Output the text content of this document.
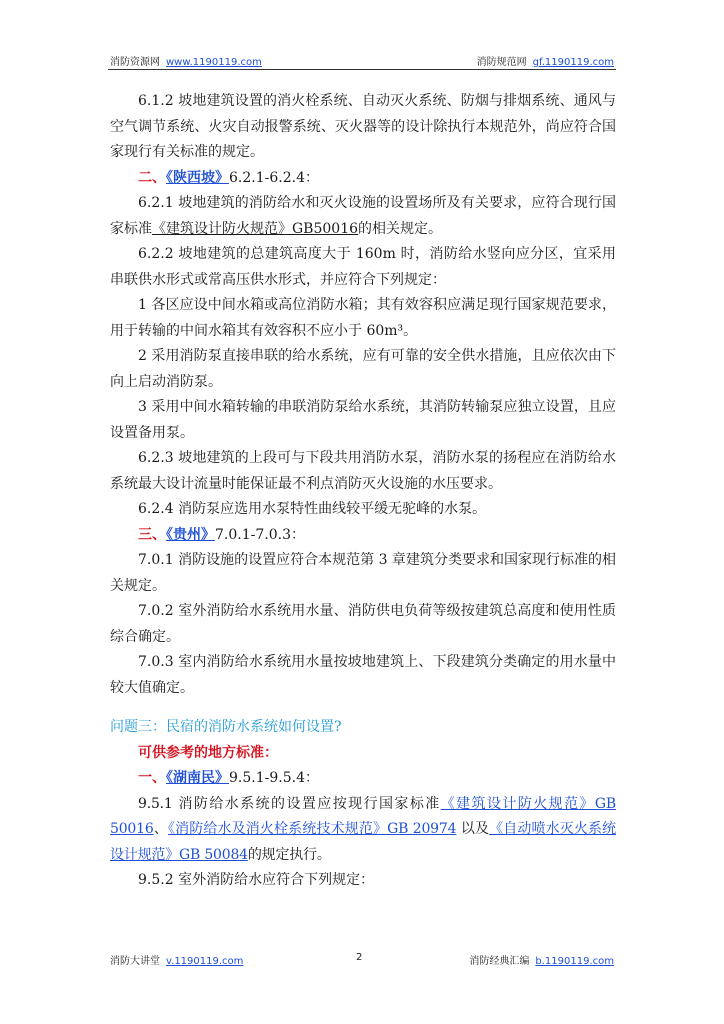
消防资源网 www.1190119.com	消防规范网 gf.1190119.com

6.1.2 坡地建筑设置的消火栓系统、自动灭火系统、防烟与排烟系统、通风与空气调节系统、火灾自动报警系统、灭火器等的设计除执行本规范外，尚应符合国家现行有关标准的规定。

二、《陕西坡》6.2.1-6.2.4：

6.2.1 坡地建筑的消防给水和灭火设施的设置场所及有关要求，应符合现行国家标准《建筑设计防火规范》GB50016的相关规定。

6.2.2 坡地建筑的总建筑高度大于 160m 时，消防给水竖向应分区，宜采用串联供水形式或常高压供水形式，并应符合下列规定：

1 各区应设中间水箱或高位消防水箱；其有效容积应满足现行国家规范要求，用于转输的中间水箱其有效容积不应小于 60m³。

2 采用消防泵直接串联的给水系统，应有可靠的安全供水措施，且应依次由下向上启动消防泵。

3 采用中间水箱转输的串联消防泵给水系统，其消防转输泵应独立设置，且应设置备用泵。

6.2.3 坡地建筑的上段可与下段共用消防水泵，消防水泵的扬程应在消防给水系统最大设计流量时能保证最不利点消防灭火设施的水压要求。

6.2.4 消防泵应选用水泵特性曲线较平缓无驼峰的水泵。

三、《贵州》7.0.1-7.0.3：

7.0.1 消防设施的设置应符合本规范第 3 章建筑分类要求和国家现行标准的相关规定。

7.0.2 室外消防给水系统用水量、消防供电负荷等级按建筑总高度和使用性质综合确定。

7.0.3 室内消防给水系统用水量按坡地建筑上、下段建筑分类确定的用水量中较大值确定。

问题三：民宿的消防水系统如何设置?

可供参考的地方标准：

一、《湖南民》9.5.1-9.5.4：

9.5.1 消防给水系统的设置应按现行国家标准《建筑设计防火规范》GB 50016、《消防给水及消火栓系统技术规范》GB 20974 以及《自动喷水灭火系统设计规范》GB 50084的规定执行。

9.5.2 室外消防给水应符合下列规定：

消防大讲堂 v.1190119.com	2	消防经典汇编 b.1190119.com
